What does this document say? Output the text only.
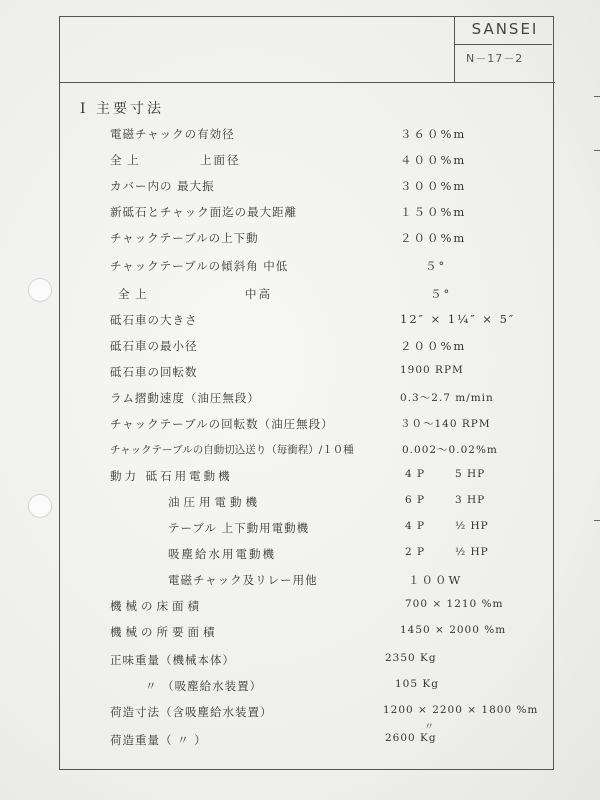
SANSEI
N－17－2
Ⅰ 主要寸法
電磁チャックの有効径	３６０%m
全 上	上面径	４００%m
カバー内の 最大振	３００%m
新砥石とチャック面迄の最大距離	１５０%m
チャックテーブルの上下動	２００%m
チャックテーブルの傾斜角 中低	５°
全 上	中高	５°
砥石車の大きさ	12″ × 1¼″ × 5″
砥石車の最小径	２００%m
砥石車の回転数	1900 RPM
ラム摺動速度（油圧無段）	0.3～2.7 m/min
チャックテーブルの回転数（油圧無段）	３０～140 RPM
チャックテーブルの自動切込送り（毎衝程）/１０種	0.002～0.02%m
動力 砥石用電動機	4 P	5 HP
油圧用電動機	6 P	3 HP
テーブル 上下動用電動機	4 P	½ HP
吸塵給水用電動機	2 P	½ HP
電磁チャック及リレー用他	１００W
機械の床面積	700 × 1210 %m
機械の所要面積	1450 × 2000 %m
正味重量（機械本体）	2350 Kg
〃 （吸塵給水装置）	105 Kg
荷造寸法（含吸塵給水装置）	1200 × 2200 × 1800 %m
〃
荷造重量（ 〃 ）	2600 Kg
